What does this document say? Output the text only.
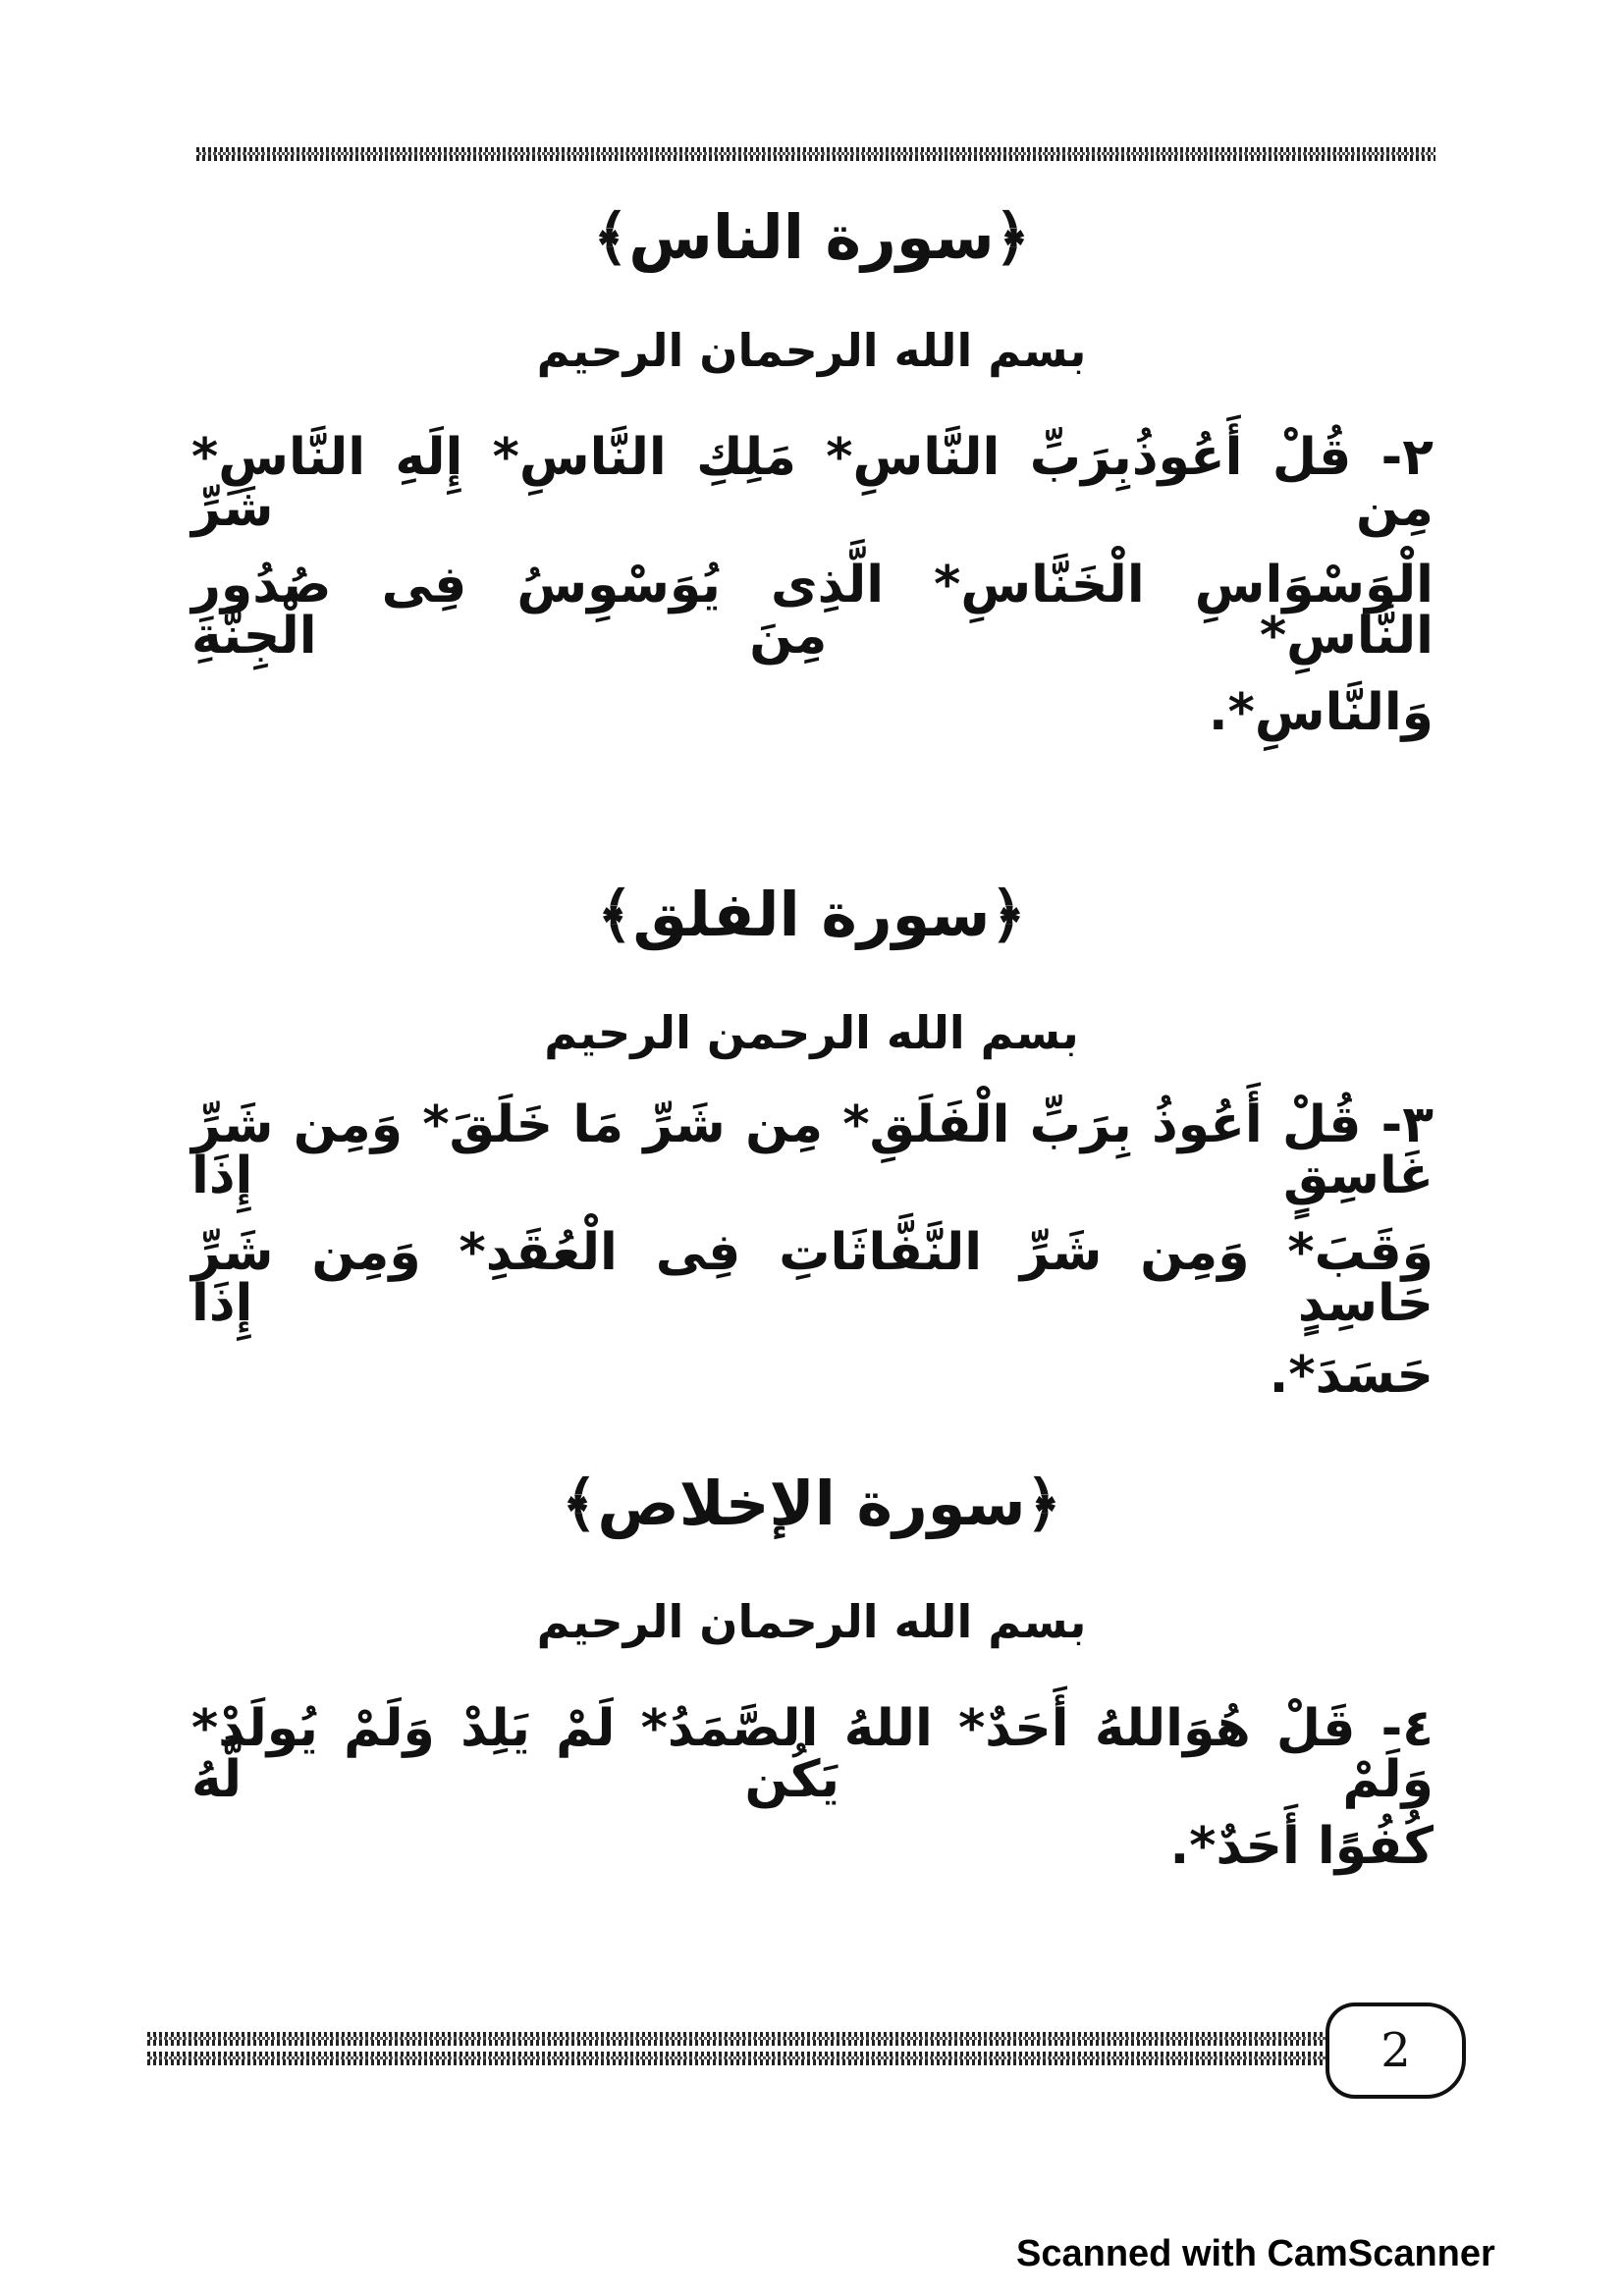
﴿سورة الناس﴾
بسم الله الرحمان الرحيم
٢- قُلْ أَعُوذُبِرَبِّ النَّاسِ* مَلِكِ النَّاسِ* إِلَهِ النَّاسِ* مِن شَرِّ
الْوَسْوَاسِ الْخَنَّاسِ* الَّذِى يُوَسْوِسُ فِى صُدُورِ النَّاسِ* مِنَ الْجِنَّةِ
وَالنَّاسِ*.
﴿سورة الفلق﴾
بسم الله الرحمن الرحيم
٣- قُلْ أَعُوذُ بِرَبِّ الْفَلَقِ* مِن شَرِّ مَا خَلَقَ* وَمِن شَرِّ غَاسِقٍ إِذَا
وَقَبَ* وَمِن شَرِّ النَّفَّاثَاتِ فِى الْعُقَدِ* وَمِن شَرِّ حَاسِدٍ إِذَا
حَسَدَ*.
﴿سورة الإخلاص﴾
بسم الله الرحمان الرحيم
٤- قَلْ هُوَاللهُ أَحَدٌ* اللهُ الصَّمَدُ* لَمْ يَلِدْ وَلَمْ يُولَدْ* وَلَمْ يَكُن لَّهُ
كُفُوًا أَحَدٌ*.
2
Scanned with CamScanner
